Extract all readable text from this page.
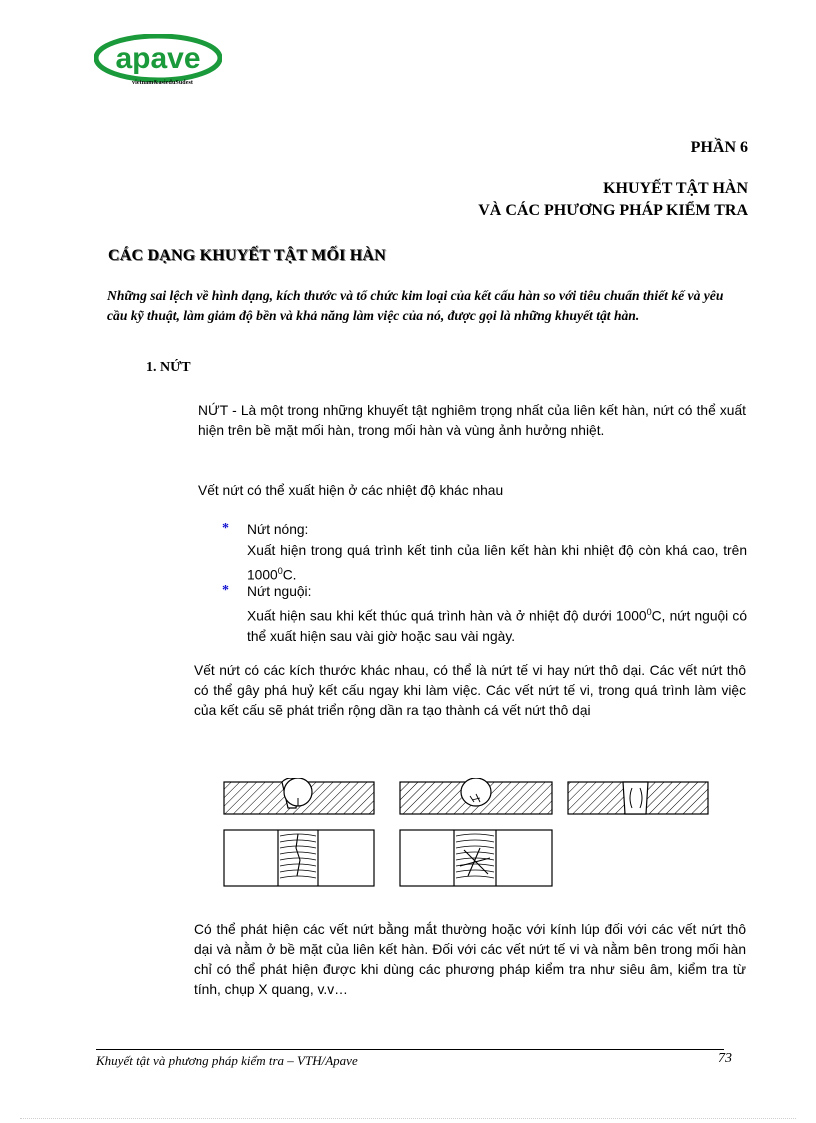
apave
vietnam&asieduSudest
PHẦN 6
KHUYẾT TẬT HÀN
VÀ CÁC PHƯƠNG PHÁP KIỂM TRA
CÁC DẠNG KHUYẾT TẬT MỐI HÀN
Những sai lệch về hình dạng, kích thước và tổ chức kim loại của kết cấu hàn so với tiêu chuẩn thiết kế và yêu cầu kỹ thuật, làm giảm độ bền và khả năng làm việc của nó, được gọi là những khuyết tật hàn.
1. NỨT
NỨT - Là một trong những khuyết tật nghiêm trọng nhất của liên kết hàn, nứt có thể xuất hiện trên bề mặt mối hàn, trong mối hàn và vùng ảnh hưởng nhiệt.
Vết nứt có thể xuất hiện ở các nhiệt độ khác nhau
* Nứt nóng:
Xuất hiện trong quá trình kết tinh của liên kết hàn khi nhiệt độ còn khá cao, trên 1000$^0$C.
* Nứt nguội:
Xuất hiện sau khi kết thúc quá trình hàn và ở nhiệt độ dưới 1000$^0$C, nứt nguội có thể xuất hiện sau vài giờ hoặc sau vài ngày.
Vết nứt có các kích thước khác nhau, có thể là nứt tế vi hay nứt thô dại. Các vết nứt thô có thể gây phá huỷ kết cấu ngay khi làm việc. Các vết nứt tế vi, trong quá trình làm việc của kết cấu sẽ phát triển rộng dần ra tạo thành cá vết nứt thô dại
Có thể phát hiện các vết nứt bằng mắt thường hoặc với kính lúp đối với các vết nứt thô dại và nằm ở bề mặt của liên kết hàn. Đối với các vết nứt tế vi và nằm bên trong mối hàn chỉ có thể phát hiện được khi dùng các phương pháp kiểm tra như siêu âm, kiểm tra từ tính, chụp X quang, v.v…
Khuyết tật và phương pháp kiểm tra – VTH/Apave	73
